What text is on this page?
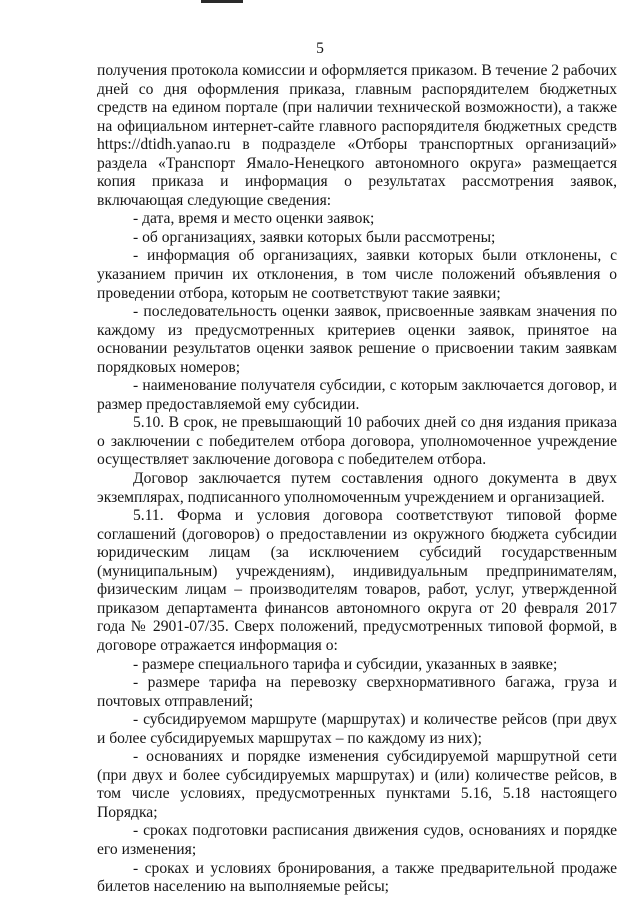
5

получения протокола комиссии и оформляется приказом. В течение 2 рабочих дней со дня оформления приказа, главным распорядителем бюджетных средств на едином портале (при наличии технической возможности), а также на официальном интернет-сайте главного распорядителя бюджетных средств https://dtidh.yanao.ru в подразделе «Отборы транспортных организаций» раздела «Транспорт Ямало-Ненецкого автономного округа» размещается копия приказа и информация о результатах рассмотрения заявок, включающая следующие сведения:

- дата, время и место оценки заявок;

- об организациях, заявки которых были рассмотрены;

- информация об организациях, заявки которых были отклонены, с указанием причин их отклонения, в том числе положений объявления о проведении отбора, которым не соответствуют такие заявки;

- последовательность оценки заявок, присвоенные заявкам значения по каждому из предусмотренных критериев оценки заявок, принятое на основании результатов оценки заявок решение о присвоении таким заявкам порядковых номеров;

- наименование получателя субсидии, с которым заключается договор, и размер предоставляемой ему субсидии.

5.10. В срок, не превышающий 10 рабочих дней со дня издания приказа о заключении с победителем отбора договора, уполномоченное учреждение осуществляет заключение договора с победителем отбора.

Договор заключается путем составления одного документа в двух экземплярах, подписанного уполномоченным учреждением и организацией.

5.11. Форма и условия договора соответствуют типовой форме соглашений (договоров) о предоставлении из окружного бюджета субсидии юридическим лицам (за исключением субсидий государственным (муниципальным) учреждениям), индивидуальным предпринимателям, физическим лицам – производителям товаров, работ, услуг, утвержденной приказом департамента финансов автономного округа от 20 февраля 2017 года № 2901-07/35. Сверх положений, предусмотренных типовой формой, в договоре отражается информация о:

- размере специального тарифа и субсидии, указанных в заявке;

- размере тарифа на перевозку сверхнормативного багажа, груза и почтовых отправлений;

- субсидируемом маршруте (маршрутах) и количестве рейсов (при двух и более субсидируемых маршрутах – по каждому из них);

- основаниях и порядке изменения субсидируемой маршрутной сети (при двух и более субсидируемых маршрутах) и (или) количестве рейсов, в том числе условиях, предусмотренных пунктами 5.16, 5.18 настоящего Порядка;

- сроках подготовки расписания движения судов, основаниях и порядке его изменения;

- сроках и условиях бронирования, а также предварительной продаже билетов населению на выполняемые рейсы;
